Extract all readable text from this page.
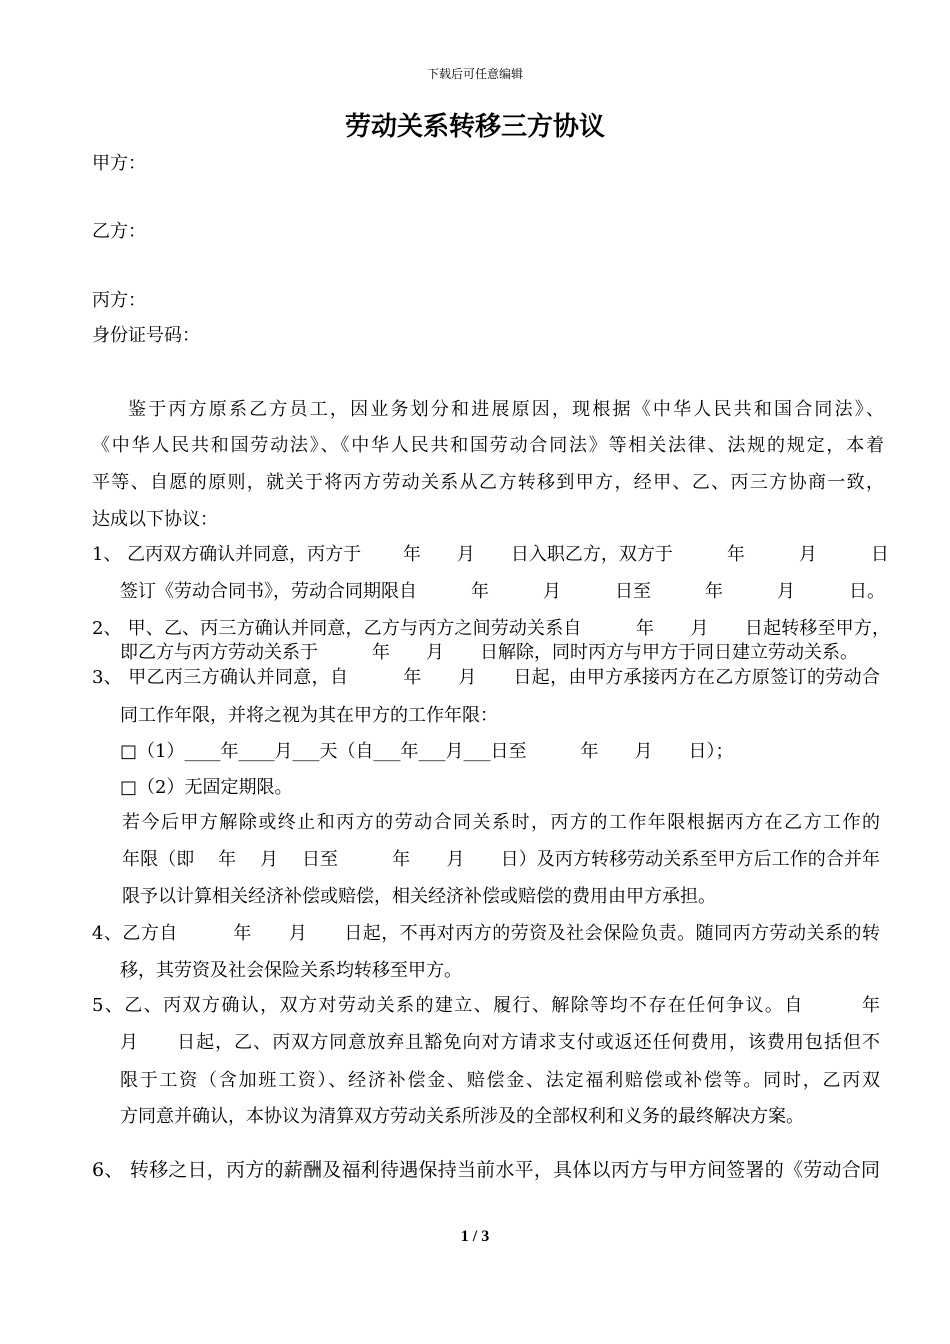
下载后可任意编辑
劳动关系转移三方协议
甲方：
乙方：
丙方：
身份证号码：
鉴于丙方原系乙方员工，因业务划分和进展原因，现根据《中华人民共和国合同法》、
《中华人民共和国劳动法》、《中华人民共和国劳动合同法》等相关法律、法规的规定，本着
平等、自愿的原则，就关于将丙方劳动关系从乙方转移到甲方，经甲、乙、丙三方协商一致，
达成以下协议：
1、 乙丙双方确认并同意，丙方于　　 年　　月　　日入职乙方，双方于　　　年　　　月　　　日
签订《劳动合同书》，劳动合同期限自　　　年　　　月　　　日至　　　年　　　月　　　日。
2、 甲、乙、丙三方确认并同意，乙方与丙方之间劳动关系自　　　年　　月　　日起转移至甲方，
即乙方与丙方劳动关系于　　　年　　月　　日解除，同时丙方与甲方于同日建立劳动关系。
3、 甲乙丙三方确认并同意，自　　　年　　月　　日起，由甲方承接丙方在乙方原签订的劳动合
同工作年限，并将之视为其在甲方的工作年限：
□（1）____年____月___天（自___年___月___日至　　　年　　月　　日）；
□（2）无固定期限。
若今后甲方解除或终止和丙方的劳动合同关系时，丙方的工作年限根据丙方在乙方工作的
年限（即　 年　 月　 日至　　　年　　月　　日）及丙方转移劳动关系至甲方后工作的合并年
限予以计算相关经济补偿或赔偿，相关经济补偿或赔偿的费用由甲方承担。
4、乙方自　　　年　　月　　日起，不再对丙方的劳资及社会保险负责。随同丙方劳动关系的转
移，其劳资及社会保险关系均转移至甲方。
5、乙、丙双方确认，双方对劳动关系的建立、履行、解除等均不存在任何争议。自　　　年
月　　日起，乙、丙双方同意放弃且豁免向对方请求支付或返还任何费用，该费用包括但不
限于工资（含加班工资）、经济补偿金、赔偿金、法定福利赔偿或补偿等。同时，乙丙双
方同意并确认，本协议为清算双方劳动关系所涉及的全部权利和义务的最终解决方案。
6、 转移之日，丙方的薪酬及福利待遇保持当前水平，具体以丙方与甲方间签署的《劳动合同
1 / 3
